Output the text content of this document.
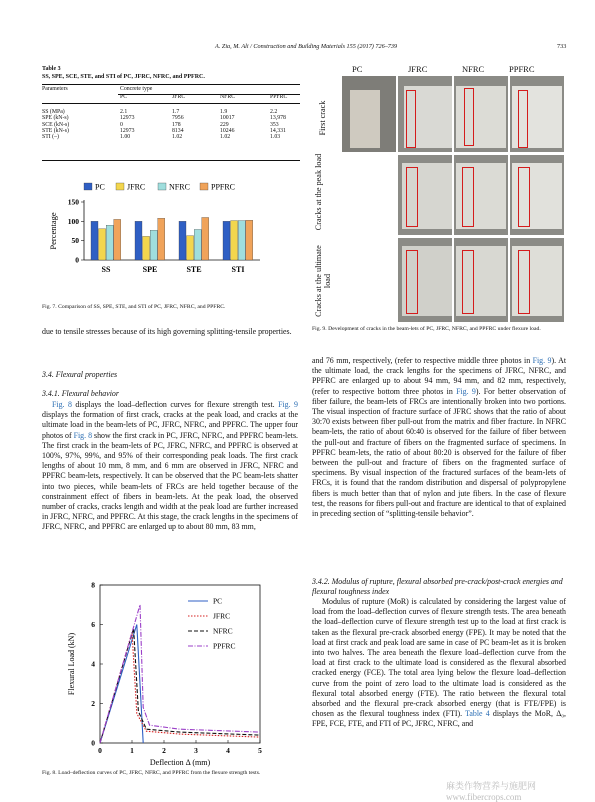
A. Zia, M. Ali / Construction and Building Materials 155 (2017) 726–739	733
Table 3
SS, SPE, SCE, STE, and STI of PC, JFRC, NFRC, and PPFRC.
Parameters	Concrete type			
	PC	JFRC	NFRC	PPFRC

SS (MPa)	2.1	1.7	1.9	2.2
SPE (kN-s)	12973	7956	10017	13,978
SCE (kN-s)	0	178	229	353
STE (kN-s)	12973	8134	10246	14,331
STI (–)	1.00	1.02	1.02	1.03
PC	JFRC	NFRC	PPFRC
0
50
100
150
Percentage
SS	SPE	STE	STI
Fig. 7. Comparison of SS, SPE, STE, and STI of PC, JFRC, NFRC, and PPFRC.
due to tensile stresses because of its high governing splitting-tensile properties.
3.4. Flexural properties
3.4.1. Flexural behavior
Fig. 8 displays the load–deflection curves for flexure strength test. Fig. 9 displays the formation of first crack, cracks at the peak load, and cracks at the ultimate load in the beam-lets of PC, JFRC, NFRC, and PPFRC. The upper four photos of Fig. 8 show the first crack in PC, JFRC, NFRC, and PPFRC beam-lets. The first crack in the beam-lets of PC, JFRC, NFRC, and PPFRC is observed at 100%, 97%, 99%, and 95% of their corresponding peak loads. The first crack lengths of about 10 mm, 8 mm, and 6 mm are observed in JFRC, NFRC and PPFRC beam-lets, respectively. It can be observed that the PC beam-lets shatter into two pieces, while beam-lets of FRCs are held together because of the constrainment effect of fibers in beam-lets. At the peak load, the observed number of cracks, cracks length and width at the peak load are further increased in JFRC, NFRC, and PPFRC. At this stage, the crack lengths in the specimens of JFRC, NFRC, and PPFRC are enlarged up to about 80 mm, 83 mm,
0	1	2	3	4	5
0
2
4
6
8
Deflection Δ (mm)
Flexural Load (kN)
PC
JFRC
NFRC
PPFRC
Fig. 8. Load–deflection curves of PC, JFRC, NFRC, and PPFRC from the flexure strength tests.
PC	JFRC	NFRC	PPFRC
First crack
Cracks at the peak load
Cracks at the ultimate load
Fig. 9. Development of cracks in the beam-lets of PC, JFRC, NFRC, and PPFRC under flexure load.
and 76 mm, respectively, (refer to respective middle three photos in Fig. 9). At the ultimate load, the crack lengths for the specimens of JFRC, NFRC, and PPFRC are enlarged up to about 94 mm, 94 mm, and 82 mm, respectively, (refer to respective bottom three photos in Fig. 9). For better observation of fiber failure, the beam-lets of FRCs are intentionally broken into two portions. The visual inspection of fracture surface of JFRC shows that the ratio of about 30:70 exists between fiber pull-out from the matrix and fiber fracture. In NFRC beam-lets, the ratio of about 60:40 is observed for the failure of fiber between the pull-out and fracture of fibers on the fragmented surface of specimens. In PPFRC beam-lets, the ratio of about 80:20 is observed for the failure of fiber between the pull-out and fracture of fibers on the fragmented surface of specimens. By visual inspection of the fractured surfaces of the beam-lets of FRCs, it is found that the random distribution and dispersal of polypropylene fibers is much better than that of nylon and jute fibers. In the case of flexure test, the reasons for fibers pull-out and fracture are identical to that of explained in preceding section of “splitting-tensile behavior”.
3.4.2. Modulus of rupture, flexural absorbed pre-crack/post-crack energies and flexural toughness index
Modulus of rupture (MoR) is calculated by considering the largest value of load from the load–deflection curves of flexure strength tests. The area beneath the load–deflection curve of flexure strength test up to the load at first crack is taken as the flexural pre-crack absorbed energy (FPE). It may be noted that the load at first crack and peak load are same in case of PC beam-let as it is broken into two halves. The area beneath the flexure load–deflection curve from the load at first crack to the ultimate load is considered as the flexural absorbed cracked energy (FCE). The total area lying below the flexure load–deflection curve from the point of zero load to the ultimate load is considered as the flexural total absorbed energy (FTE). The ratio between the flexural total absorbed and the flexural pre-crack absorbed energy (that is FTE/FPE) is chosen as the flexural toughness index (FTI). Table 4 displays the MoR, Δ₀, FPE, FCE, FTE, and FTI of PC, JFRC, NFRC, and
麻类作物营养与施肥网 www.fibercrops.com
